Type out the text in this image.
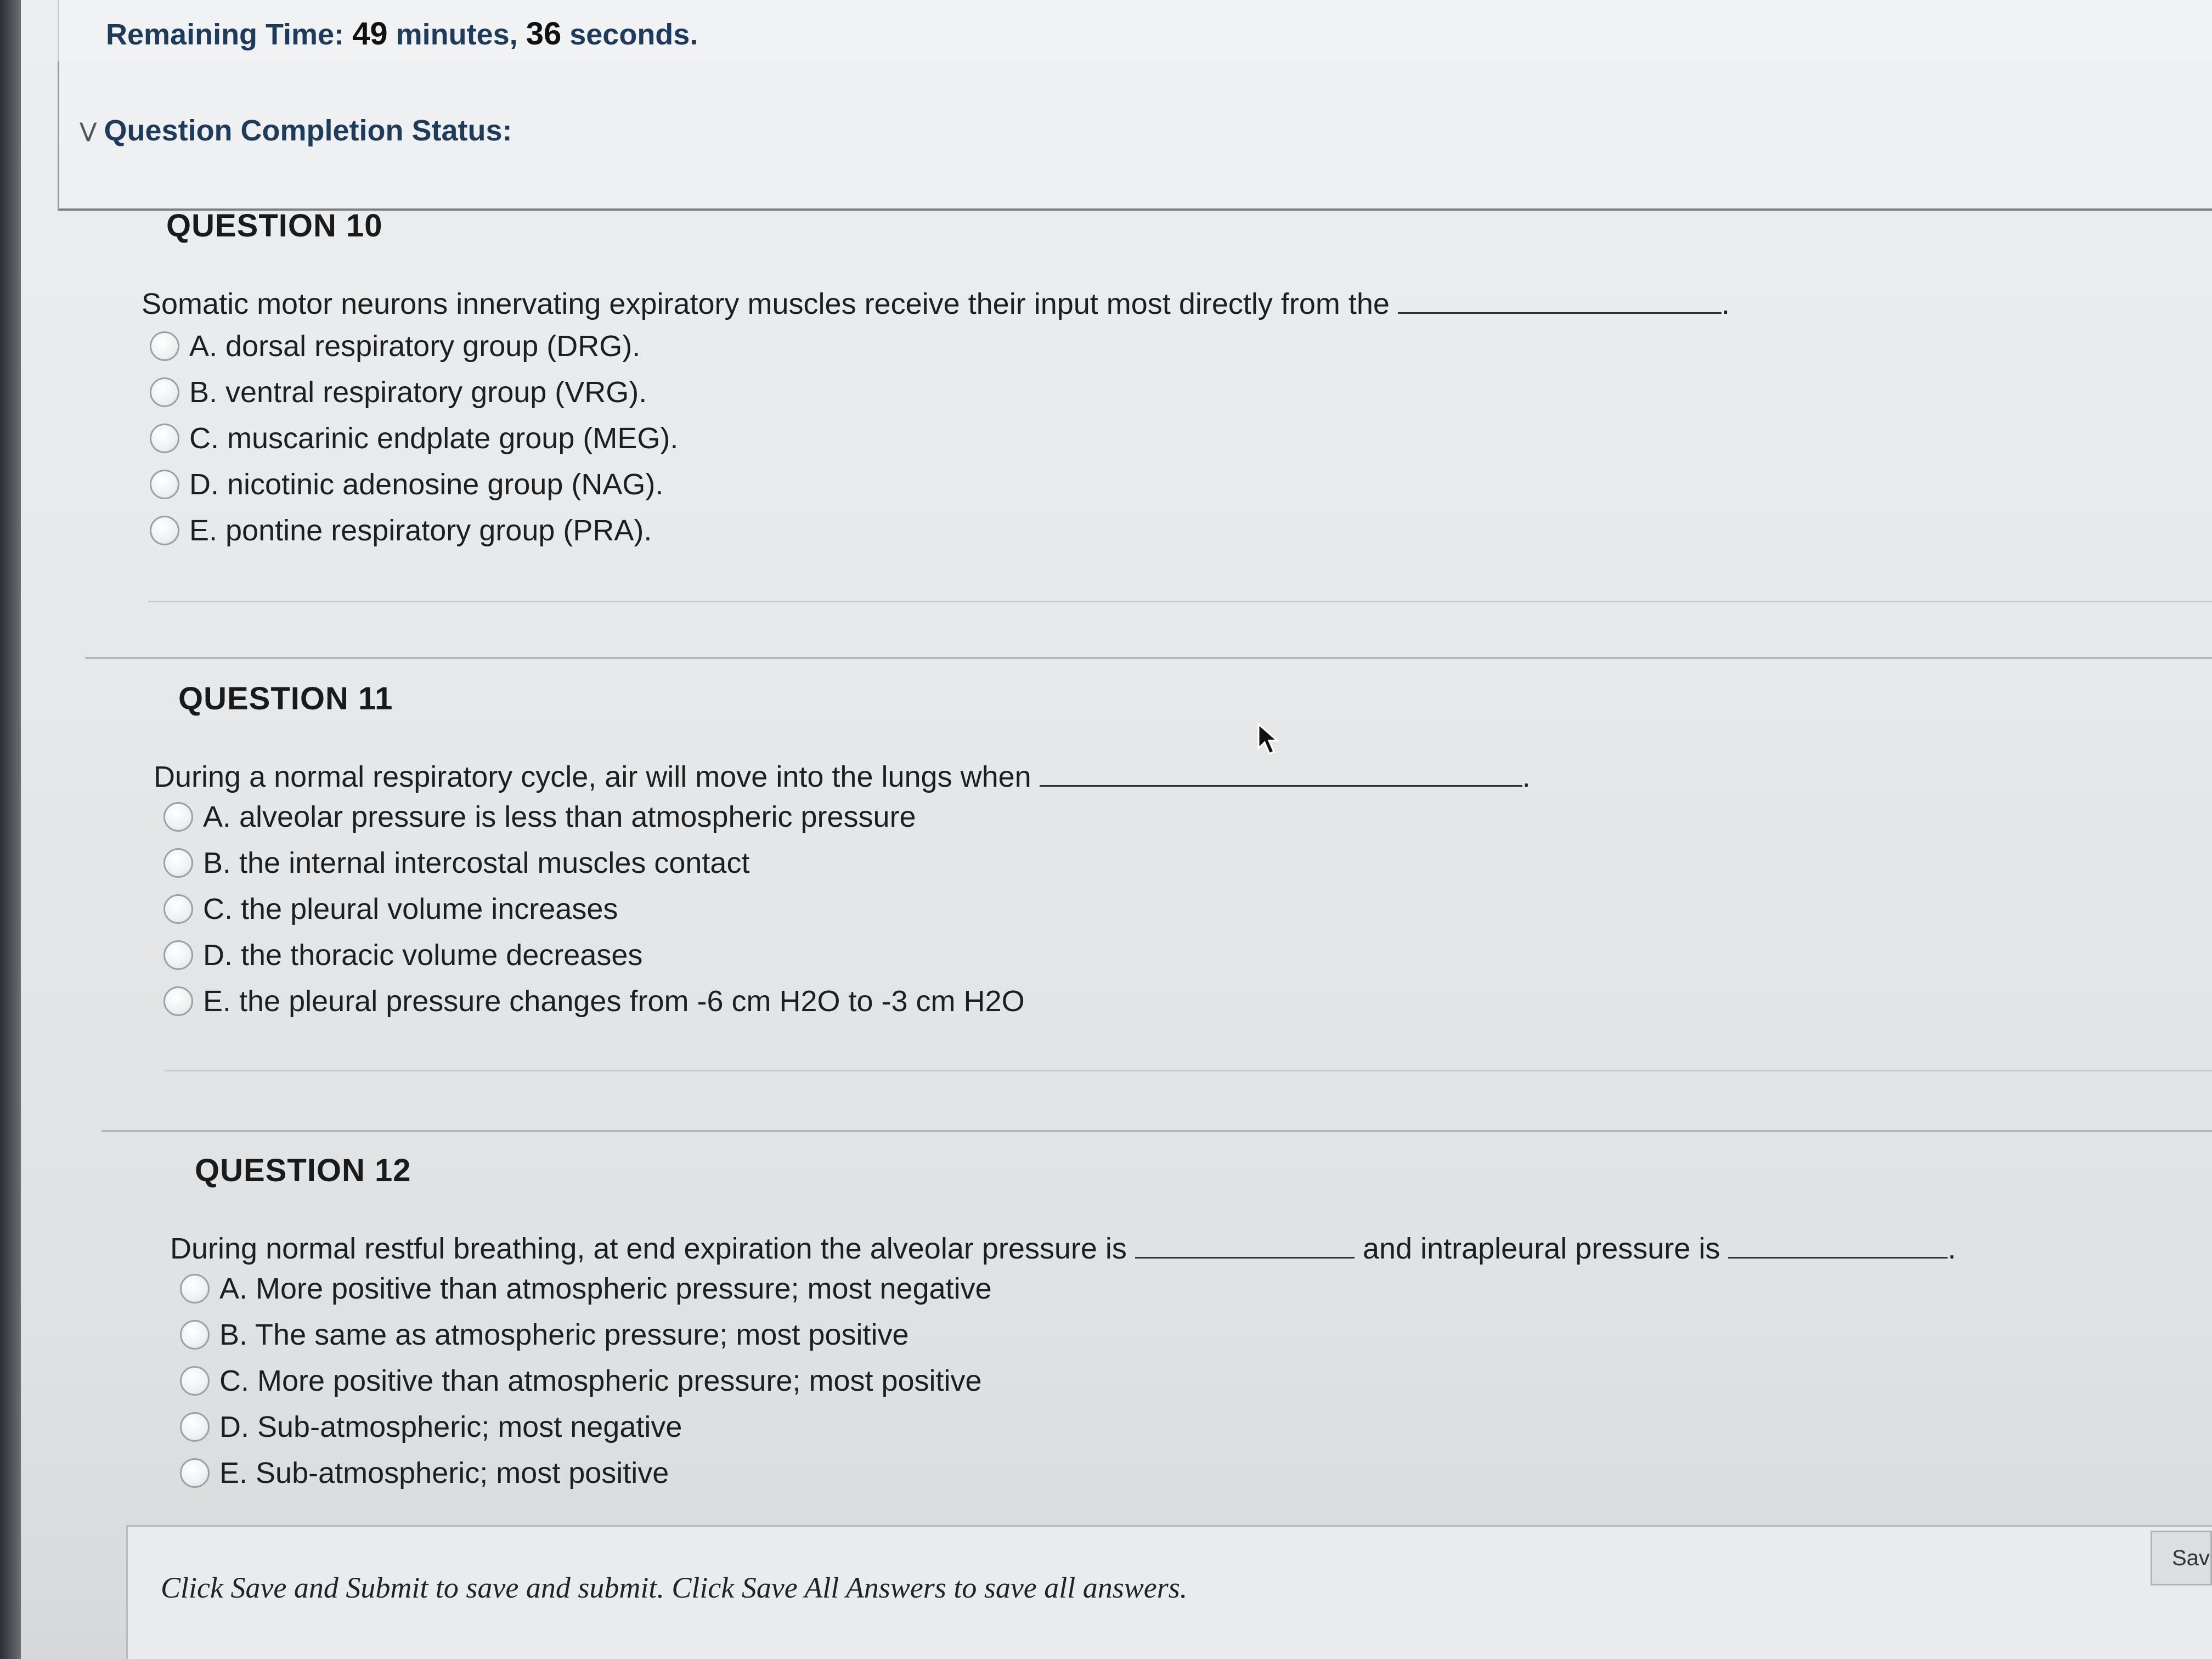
Remaining Time: 49 minutes, 36 seconds.
⋁ Question Completion Status:
QUESTION 10
Somatic motor neurons innervating expiratory muscles receive their input most directly from the	.
A. dorsal respiratory group (DRG).
B. ventral respiratory group (VRG).
C. muscarinic endplate group (MEG).
D. nicotinic adenosine group (NAG).
E. pontine respiratory group (PRA).
QUESTION 11
During a normal respiratory cycle, air will move into the lungs when	.
A. alveolar pressure is less than atmospheric pressure
B. the internal intercostal muscles contact
C. the pleural volume increases
D. the thoracic volume decreases
E. the pleural pressure changes from -6 cm H2O to -3 cm H2O
QUESTION 12
During normal restful breathing, at end expiration the alveolar pressure is	and intrapleural pressure is	.
A. More positive than atmospheric pressure; most negative
B. The same as atmospheric pressure; most positive
C. More positive than atmospheric pressure; most positive
D. Sub-atmospheric; most negative
E. Sub-atmospheric; most positive
Click Save and Submit to save and submit. Click Save All Answers to save all answers.
Sav
